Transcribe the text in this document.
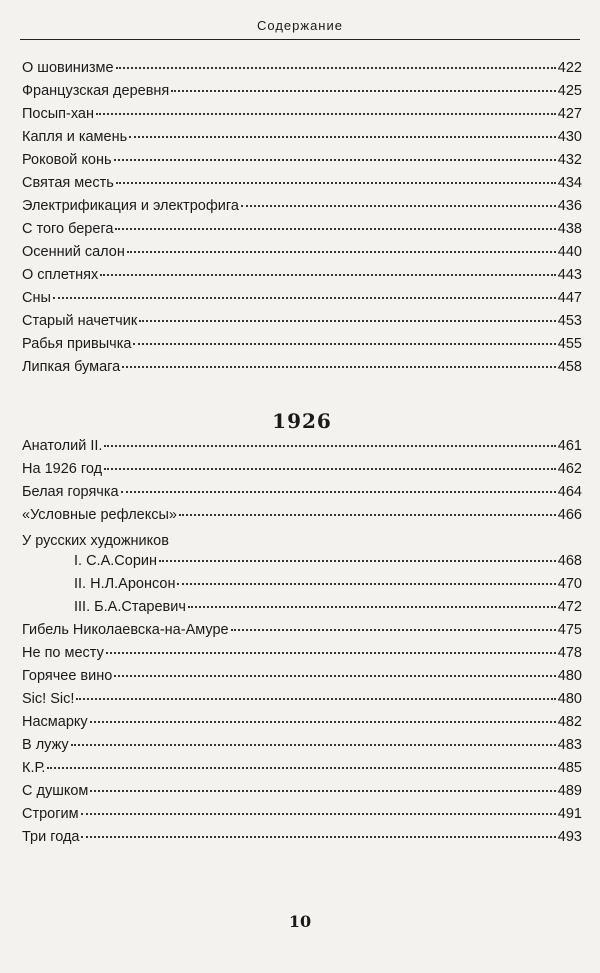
Содержание
О шовинизме	422
Французская деревня	425
Посып-хан	427
Капля и камень	430
Роковой конь	432
Святая месть	434
Электрификация и электрофига	436
С того берега	438
Осенний салон	440
О сплетнях	443
Сны	447
Старый начетчик	453
Рабья привычка	455
Липкая бумага	458
1926
Анатолий II.	461
На 1926 год	462
Белая горячка	464
«Условные рефлексы»	466
У русских художников
I. С.А.Сорин	468
II. Н.Л.Аронсон	470
III. Б.А.Старевич	472
Гибель Николаевска-на-Амуре	475
Не по месту	478
Горячее вино	480
Sic! Sic!	480
Насмарку	482
В лужу	483
К.Р.	485
С душком	489
Строгим	491
Три года	493
10
